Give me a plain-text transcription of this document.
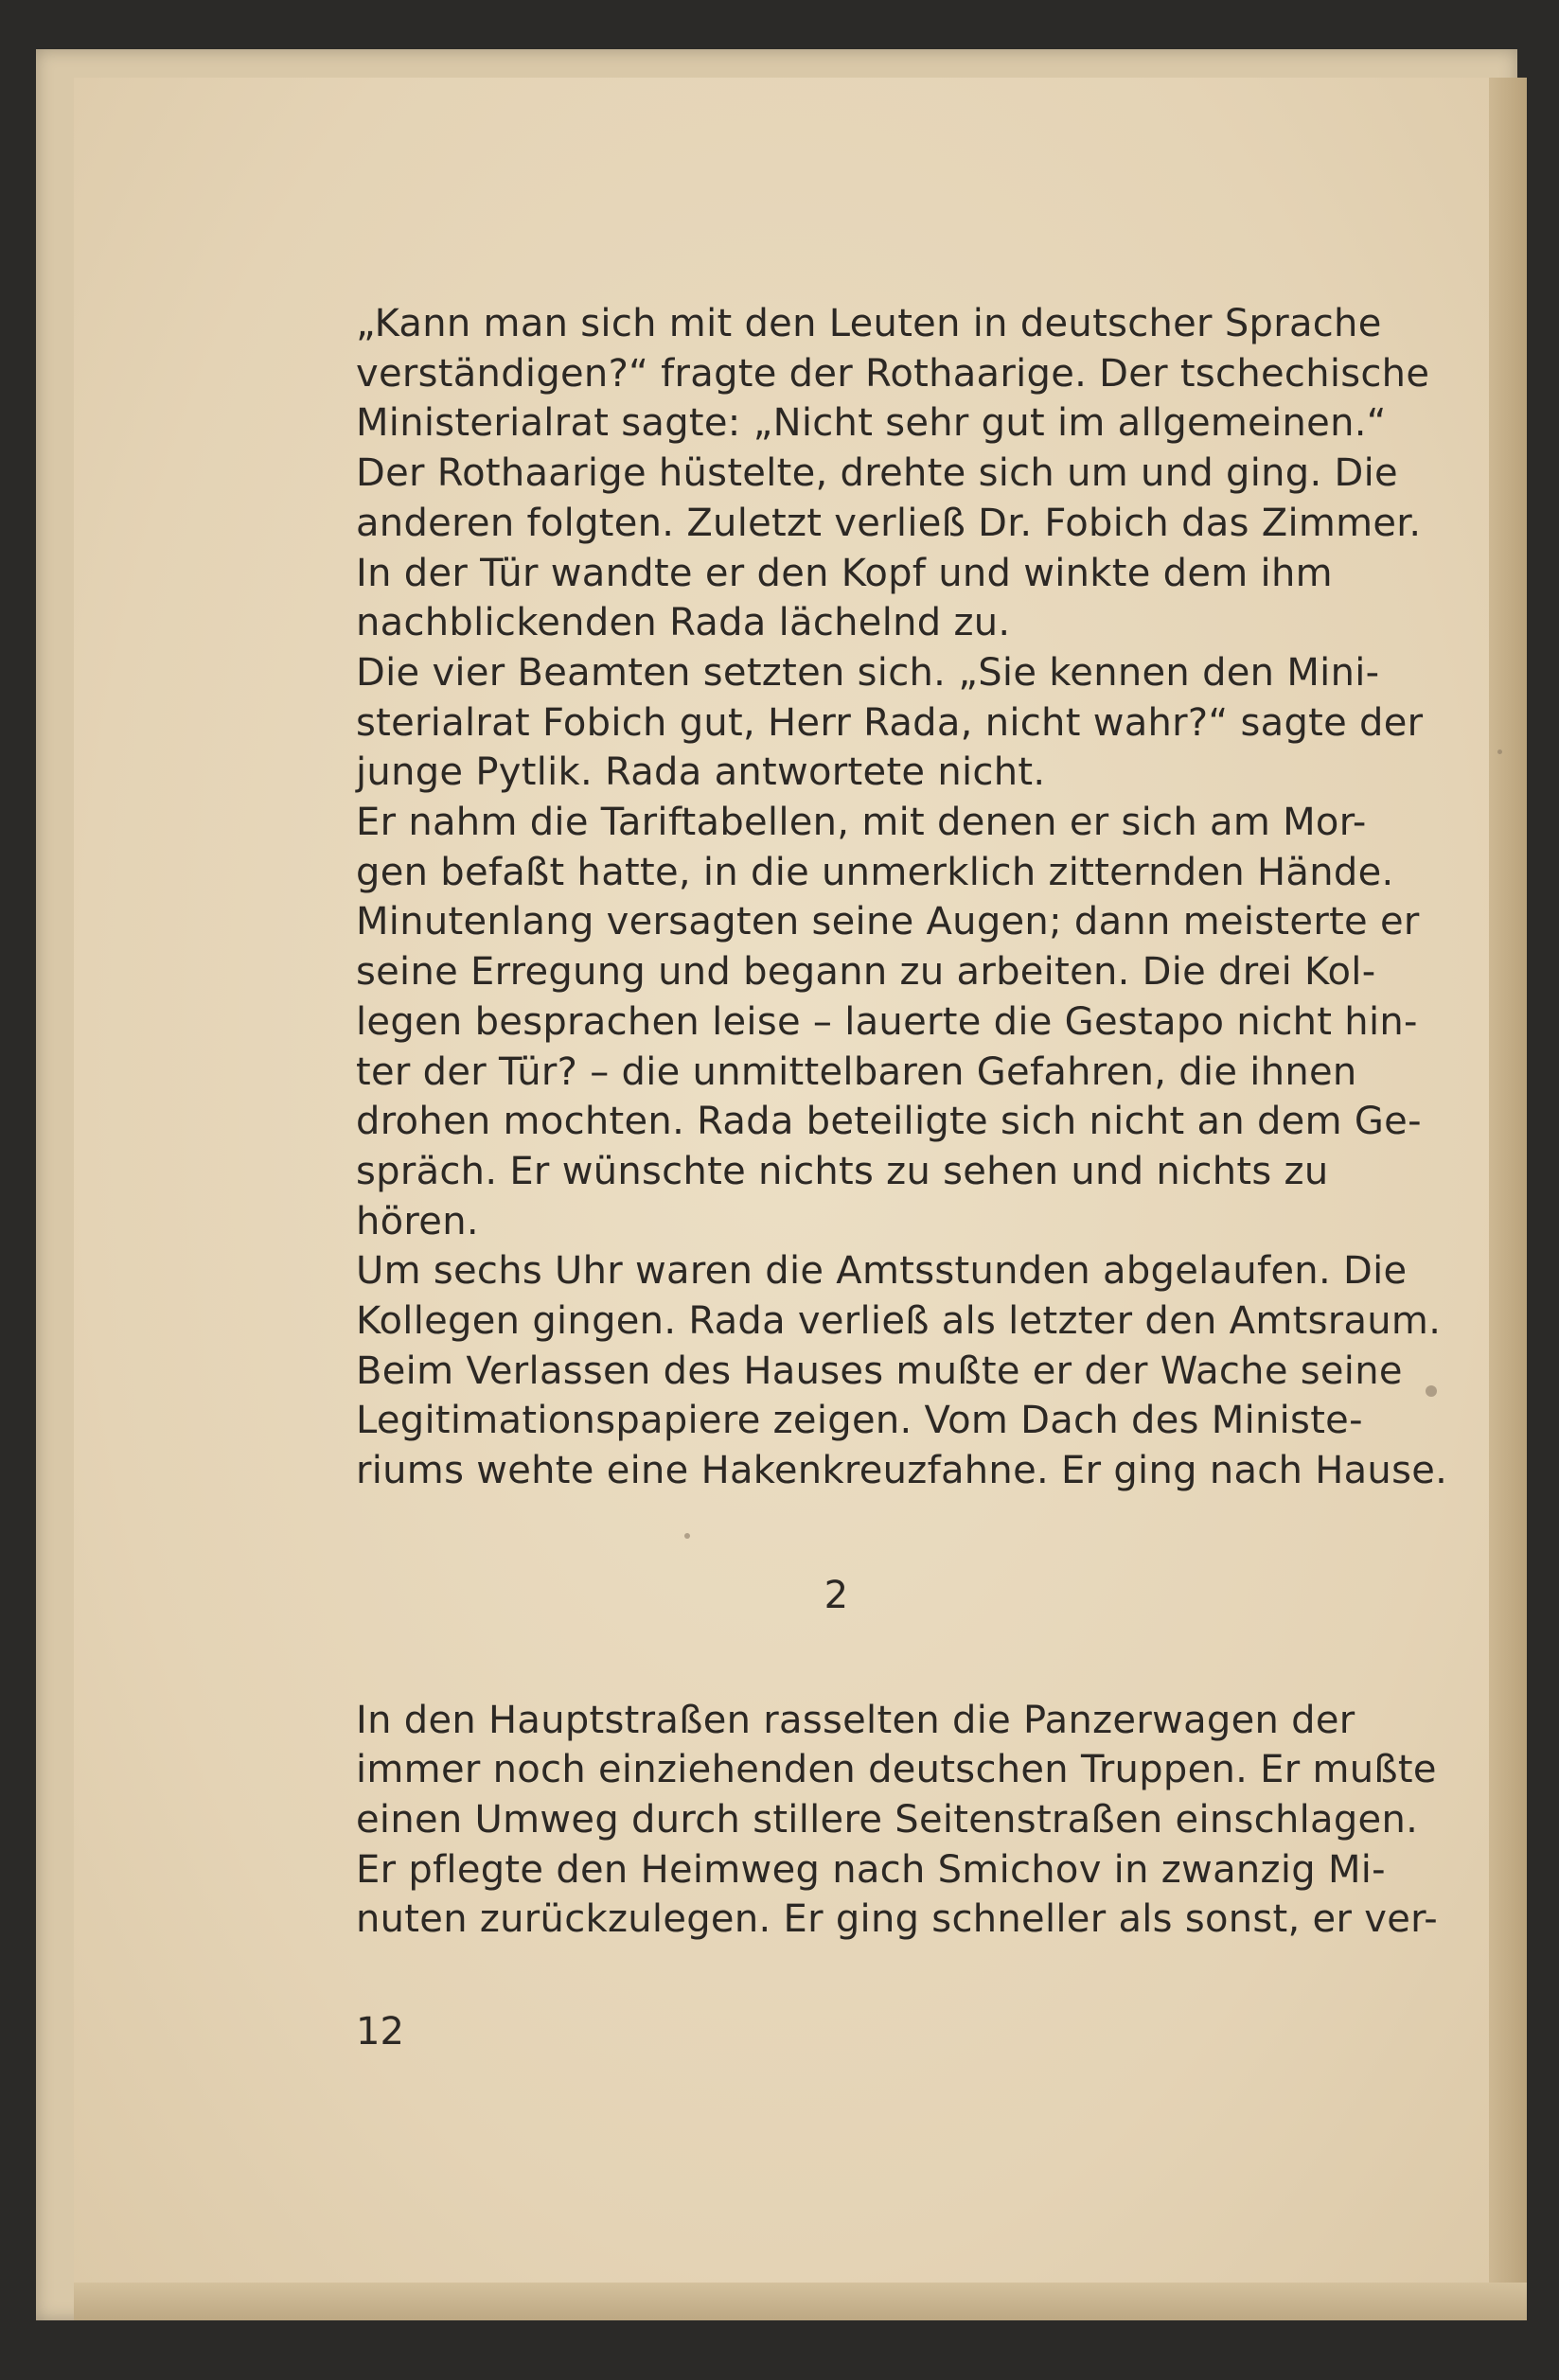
„Kann man sich mit den Leuten in deutscher Sprache
verständigen?“ fragte der Rothaarige. Der tschechische
Ministerialrat sagte: „Nicht sehr gut im allgemeinen.“
Der Rothaarige hüstelte, drehte sich um und ging. Die
anderen folgten. Zuletzt verließ Dr. Fobich das Zimmer.
In der Tür wandte er den Kopf und winkte dem ihm
nachblickenden Rada lächelnd zu.
Die vier Beamten setzten sich. „Sie kennen den Mini-
sterialrat Fobich gut, Herr Rada, nicht wahr?“ sagte der
junge Pytlik. Rada antwortete nicht.
Er nahm die Tariftabellen, mit denen er sich am Mor-
gen befaßt hatte, in die unmerklich zitternden Hände.
Minutenlang versagten seine Augen; dann meisterte er
seine Erregung und begann zu arbeiten. Die drei Kol-
legen besprachen leise – lauerte die Gestapo nicht hin-
ter der Tür? – die unmittelbaren Gefahren, die ihnen
drohen mochten. Rada beteiligte sich nicht an dem Ge-
spräch. Er wünschte nichts zu sehen und nichts zu
hören.
Um sechs Uhr waren die Amtsstunden abgelaufen. Die
Kollegen gingen. Rada verließ als letzter den Amtsraum.
Beim Verlassen des Hauses mußte er der Wache seine
Legitimationspapiere zeigen. Vom Dach des Ministe-
riums wehte eine Hakenkreuzfahne. Er ging nach Hause.
2
In den Hauptstraßen rasselten die Panzerwagen der
immer noch einziehenden deutschen Truppen. Er mußte
einen Umweg durch stillere Seitenstraßen einschlagen.
Er pflegte den Heimweg nach Smichov in zwanzig Mi-
nuten zurückzulegen. Er ging schneller als sonst, er ver-
12
